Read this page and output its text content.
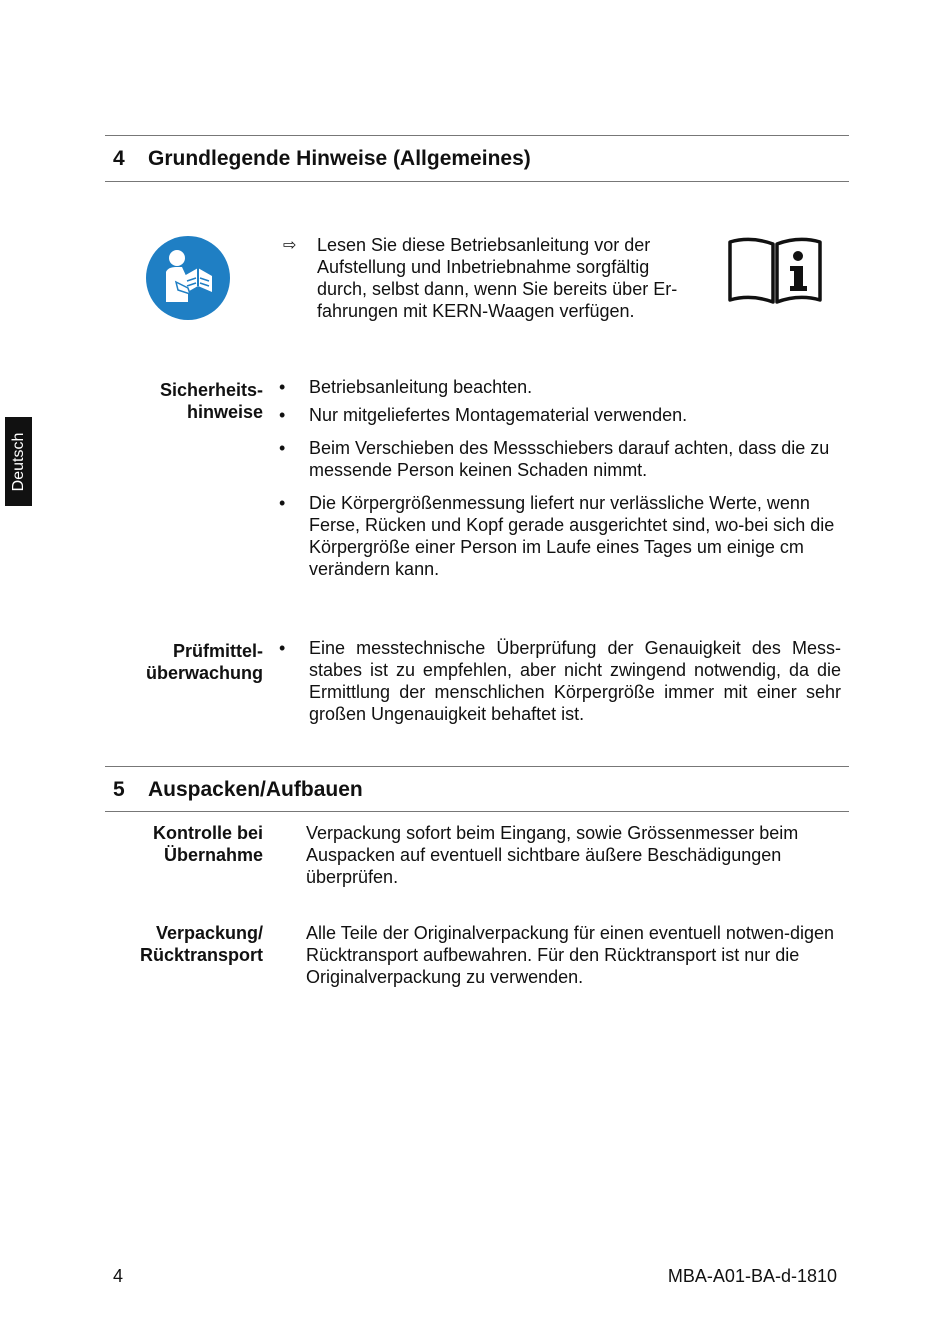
Deutsch
4 Grundlegende Hinweise (Allgemeines)
⇨ Lesen Sie diese Betriebsanleitung vor der Aufstellung und Inbetriebnahme sorgfältig durch, selbst dann, wenn Sie bereits über Er-fahrungen mit KERN-Waagen verfügen.
Sicherheits-
hinweise
• Betriebsanleitung beachten.
• Nur mitgeliefertes Montagematerial verwenden.
• Beim Verschieben des Messschiebers darauf achten, dass die zu messende Person keinen Schaden nimmt.
• Die Körpergrößenmessung liefert nur verlässliche Werte, wenn Ferse, Rücken und Kopf gerade ausgerichtet sind, wo-bei sich die Körpergröße einer Person im Laufe eines Tages um einige cm verändern kann.
Prüfmittel-
überwachung
• Eine messtechnische Überprüfung der Genauigkeit des Mess-stabes ist zu empfehlen, aber nicht zwingend notwendig, da die Ermittlung der menschlichen Körpergröße immer mit einer sehr großen Ungenauigkeit behaftet ist.
5 Auspacken/Aufbauen
Kontrolle bei
Übernahme
Verpackung sofort beim Eingang, sowie Grössenmesser beim Auspacken auf eventuell sichtbare äußere Beschädigungen überprüfen.
Verpackung/
Rücktransport
Alle Teile der Originalverpackung für einen eventuell notwen-digen Rücktransport aufbewahren. Für den Rücktransport ist nur die Originalverpackung zu verwenden.
4	MBA-A01-BA-d-1810
